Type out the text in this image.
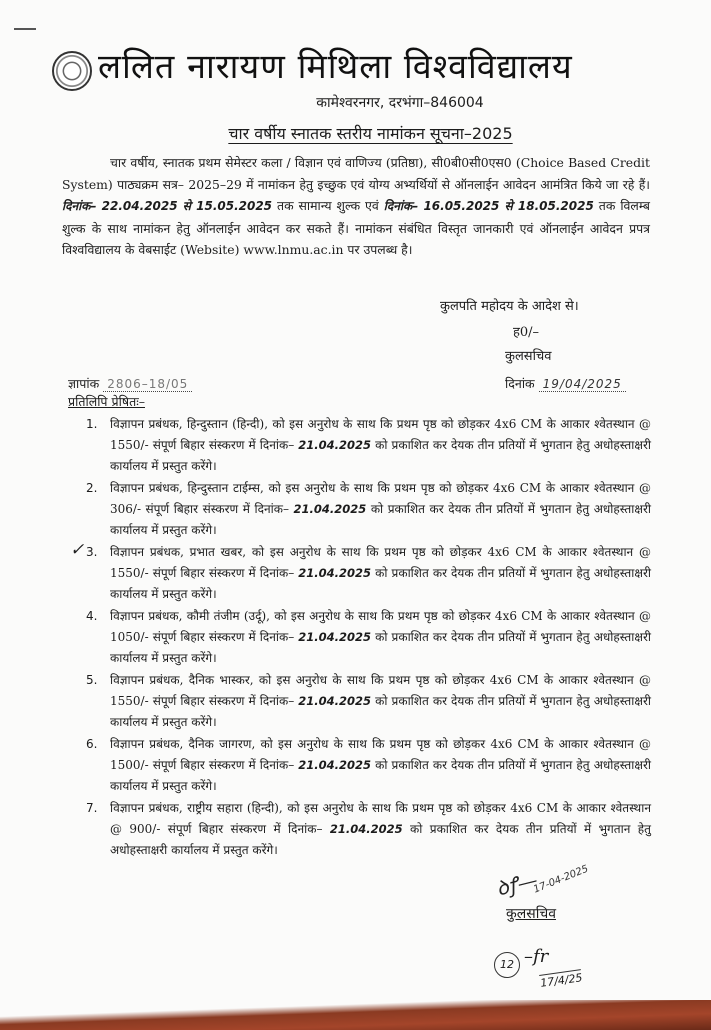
ललित नारायण मिथिला विश्वविद्यालय
कामेश्वरनगर, दरभंगा–846004
चार वर्षीय स्नातक स्तरीय नामांकन सूचना–2025
चार वर्षीय, स्नातक प्रथम सेमेस्टर कला / विज्ञान एवं वाणिज्य (प्रतिष्ठा), सी0बी0सी0एस0 (Choice Based Credit System) पाठ्यक्रम सत्र– 2025–29 में नामांकन हेतु इच्छुक एवं योग्य अभ्यर्थियों से ऑनलाईन आवेदन आमंत्रित किये जा रहे हैं। दिनांक– 22.04.2025 से 15.05.2025 तक सामान्य शुल्क एवं दिनांक– 16.05.2025 से 18.05.2025 तक विलम्ब शुल्क के साथ नामांकन हेतु ऑनलाईन आवेदन कर सकते हैं। नामांकन संबंधित विस्तृत जानकारी एवं ऑनलाईन आवेदन प्रपत्र विश्वविद्यालय के वेबसाईट (Website) www.lnmu.ac.in पर उपलब्ध है।
कुलपति महोदय के आदेश से।
ह0/–
कुलसचिव
ज्ञापांक 2806–18/05	दिनांक 19/04/2025
प्रतिलिपि प्रेषितः–
1. विज्ञापन प्रबंधक, हिन्दुस्तान (हिन्दी), को इस अनुरोध के साथ कि प्रथम पृष्ठ को छोड़कर 4x6 CM के आकार श्वेतस्थान @ 1550/- संपूर्ण बिहार संस्करण में दिनांक– 21.04.2025 को प्रकाशित कर देयक तीन प्रतियों में भुगतान हेतु अधोहस्ताक्षरी कार्यालय में प्रस्तुत करेंगे।
2. विज्ञापन प्रबंधक, हिन्दुस्तान टाईम्स, को इस अनुरोध के साथ कि प्रथम पृष्ठ को छोड़कर 4x6 CM के आकार श्वेतस्थान @ 306/- संपूर्ण बिहार संस्करण में दिनांक– 21.04.2025 को प्रकाशित कर देयक तीन प्रतियों में भुगतान हेतु अधोहस्ताक्षरी कार्यालय में प्रस्तुत करेंगे।
✓ 3. विज्ञापन प्रबंधक, प्रभात खबर, को इस अनुरोध के साथ कि प्रथम पृष्ठ को छोड़कर 4x6 CM के आकार श्वेतस्थान @ 1550/- संपूर्ण बिहार संस्करण में दिनांक– 21.04.2025 को प्रकाशित कर देयक तीन प्रतियों में भुगतान हेतु अधोहस्ताक्षरी कार्यालय में प्रस्तुत करेंगे।
4. विज्ञापन प्रबंधक, कौमी तंजीम (उर्दू), को इस अनुरोध के साथ कि प्रथम पृष्ठ को छोड़कर 4x6 CM के आकार श्वेतस्थान @ 1050/- संपूर्ण बिहार संस्करण में दिनांक– 21.04.2025 को प्रकाशित कर देयक तीन प्रतियों में भुगतान हेतु अधोहस्ताक्षरी कार्यालय में प्रस्तुत करेंगे।
5. विज्ञापन प्रबंधक, दैनिक भास्कर, को इस अनुरोध के साथ कि प्रथम पृष्ठ को छोड़कर 4x6 CM के आकार श्वेतस्थान @ 1550/- संपूर्ण बिहार संस्करण में दिनांक– 21.04.2025 को प्रकाशित कर देयक तीन प्रतियों में भुगतान हेतु अधोहस्ताक्षरी कार्यालय में प्रस्तुत करेंगे।
6. विज्ञापन प्रबंधक, दैनिक जागरण, को इस अनुरोध के साथ कि प्रथम पृष्ठ को छोड़कर 4x6 CM के आकार श्वेतस्थान @ 1500/- संपूर्ण बिहार संस्करण में दिनांक– 21.04.2025 को प्रकाशित कर देयक तीन प्रतियों में भुगतान हेतु अधोहस्ताक्षरी कार्यालय में प्रस्तुत करेंगे।
7. विज्ञापन प्रबंधक, राष्ट्रीय सहारा (हिन्दी), को इस अनुरोध के साथ कि प्रथम पृष्ठ को छोड़कर 4x6 CM के आकार श्वेतस्थान @ 900/- संपूर्ण बिहार संस्करण में दिनांक– 21.04.2025 को प्रकाशित कर देयक तीन प्रतियों में भुगतान हेतु अधोहस्ताक्षरी कार्यालय में प्रस्तुत करेंगे।
ꝺꝭ—
17-04-2025
कुलसचिव
12 –fr
17/4/25
